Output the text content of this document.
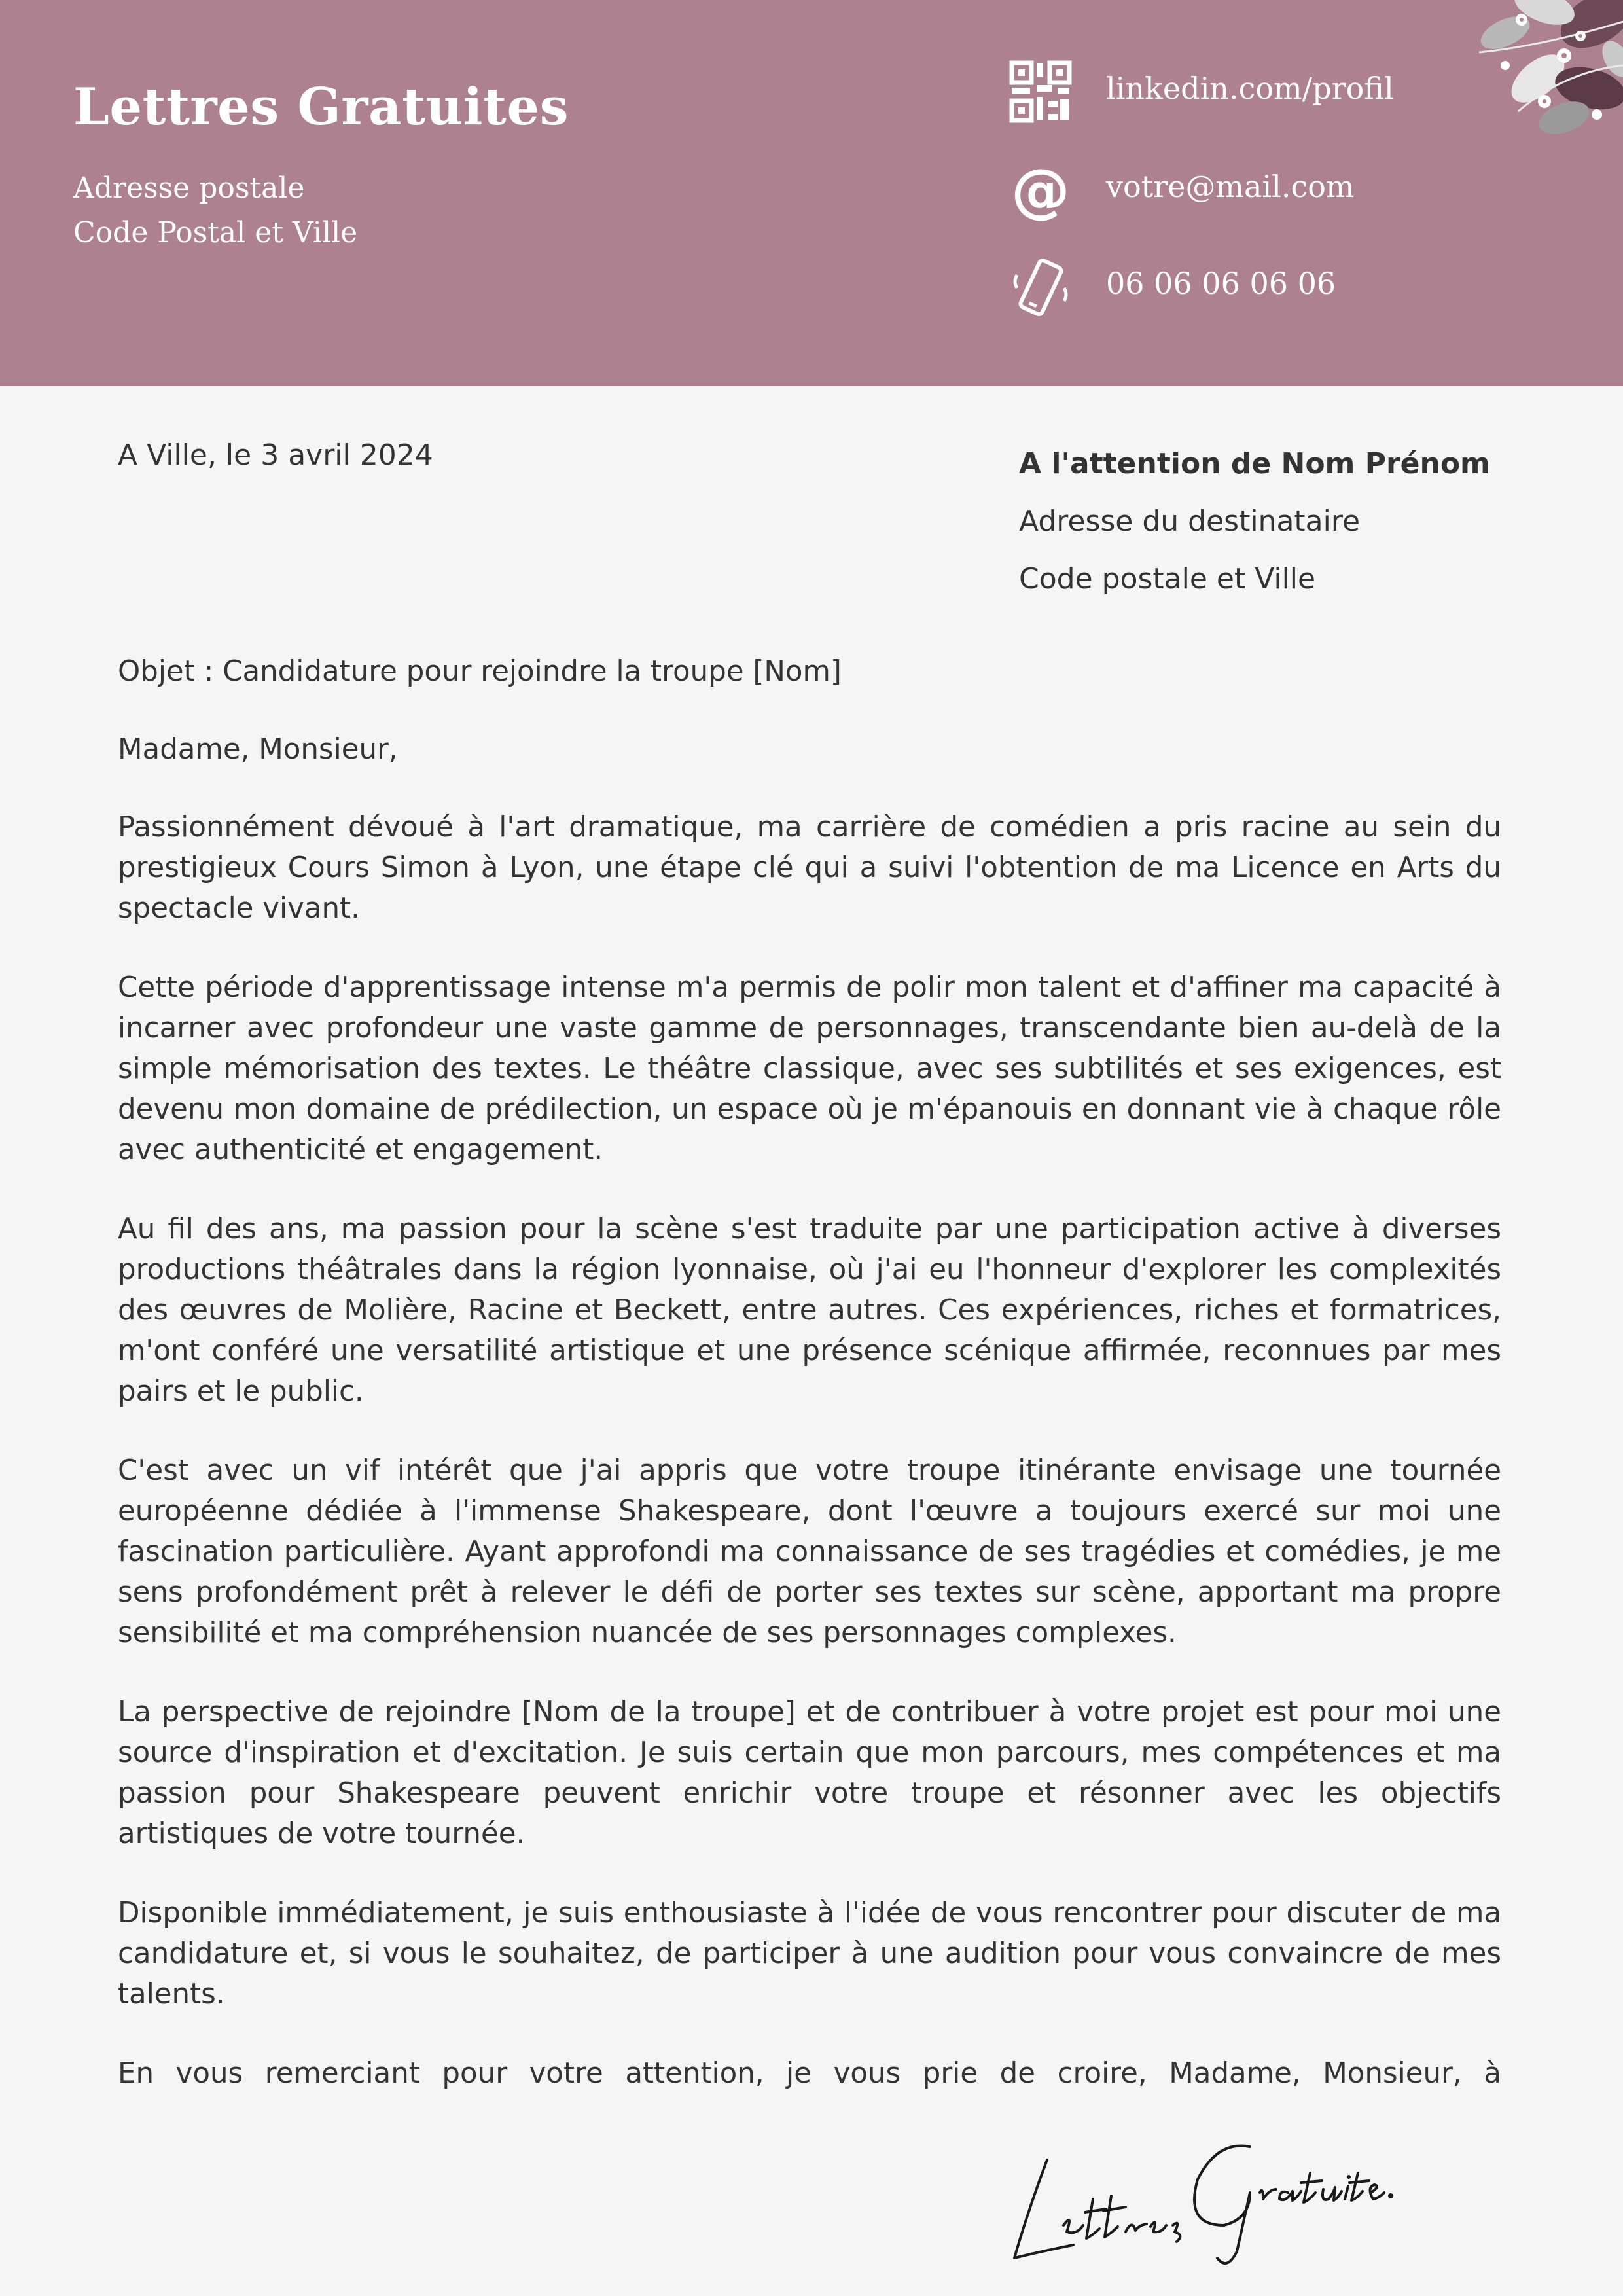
Lettres Gratuites
Adresse postale
Code Postal et Ville
linkedin.com/profil
@ votre@mail.com
06 06 06 06 06
A Ville, le 3 avril 2024	A l'attention de Nom Prénom
Adresse du destinataire
Code postale et Ville

Objet : Candidature pour rejoindre la troupe [Nom]

Madame, Monsieur,

Passionnément dévoué à l'art dramatique, ma carrière de comédien a pris racine au sein du prestigieux Cours Simon à Lyon, une étape clé qui a suivi l'obtention de ma Licence en Arts du spectacle vivant.

Cette période d'apprentissage intense m'a permis de polir mon talent et d'affiner ma capacité à incarner avec profondeur une vaste gamme de personnages, transcendante bien au-delà de la simple mémorisation des textes. Le théâtre classique, avec ses subtilités et ses exigences, est devenu mon domaine de prédilection, un espace où je m'épanouis en donnant vie à chaque rôle avec authenticité et engagement.

Au fil des ans, ma passion pour la scène s'est traduite par une participation active à diverses productions théâtrales dans la région lyonnaise, où j'ai eu l'honneur d'explorer les complexités des œuvres de Molière, Racine et Beckett, entre autres. Ces expériences, riches et formatrices, m'ont conféré une versatilité artistique et une présence scénique affirmée, reconnues par mes pairs et le public.

C'est avec un vif intérêt que j'ai appris que votre troupe itinérante envisage une tournée européenne dédiée à l'immense Shakespeare, dont l'œuvre a toujours exercé sur moi une fascination particulière. Ayant approfondi ma connaissance de ses tragédies et comédies, je me sens profondément prêt à relever le défi de porter ses textes sur scène, apportant ma propre sensibilité et ma compréhension nuancée de ses personnages complexes.

La perspective de rejoindre [Nom de la troupe] et de contribuer à votre projet est pour moi une source d'inspiration et d'excitation. Je suis certain que mon parcours, mes compétences et ma passion pour Shakespeare peuvent enrichir votre troupe et résonner avec les objectifs artistiques de votre tournée.

Disponible immédiatement, je suis enthousiaste à l'idée de vous rencontrer pour discuter de ma candidature et, si vous le souhaitez, de participer à une audition pour vous convaincre de mes talents.

En vous remerciant pour votre attention, je vous prie de croire, Madame, Monsieur, à
